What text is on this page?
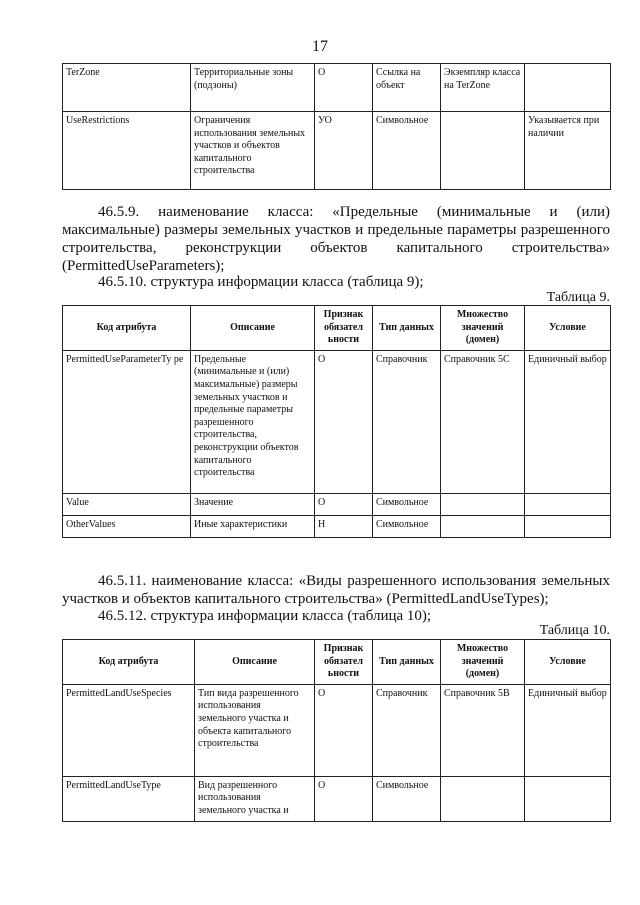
17
TerZone	Территориальные зоны (подзоны)	О	Ссылка на объект	Экземпляр класса на TerZone	
UseRestrictions	Ограничения использования земельных участков и объектов капитального строительства	УО	Символьное		Указывается при наличии
46.5.9. наименование класса: «Предельные (минимальные и (или)
максимальные) размеры земельных участков и предельные параметры разрешенного
строительства, реконструкции объектов капитального строительства»
(PermittedUseParameters);
46.5.10. структура информации класса (таблица 9);
Таблица 9.
Код атрибута	Описание	Признак обязател ьности	Тип данных	Множество значений (домен)	Условие
PermittedUseParameterTy pe	Предельные (минимальные и (или) максимальные) размеры земельных участков и предельные параметры разрешенного строительства, реконструкции объектов капитального строительства	О	Справочник	Справочник 5С	Единичный выбор
Value	Значение	О	Символьное		
OtherValues	Иные характеристики	Н	Символьное		
46.5.11. наименование класса: «Виды разрешенного использования земельных
участков и объектов капитального строительства» (PermittedLandUseTypes);
46.5.12. структура информации класса (таблица 10);
Таблица 10.
Код атрибута	Описание	Признак обязател ьности	Тип данных	Множество значений (домен)	Условие
PermittedLandUseSpecies	Тип вида разрешенного использования земельного участка и объекта капитального строительства	О	Справочник	Справочник 5В	Единичный выбор
PermittedLandUseType	Вид разрешенного использования земельного участка и	О	Символьное		
